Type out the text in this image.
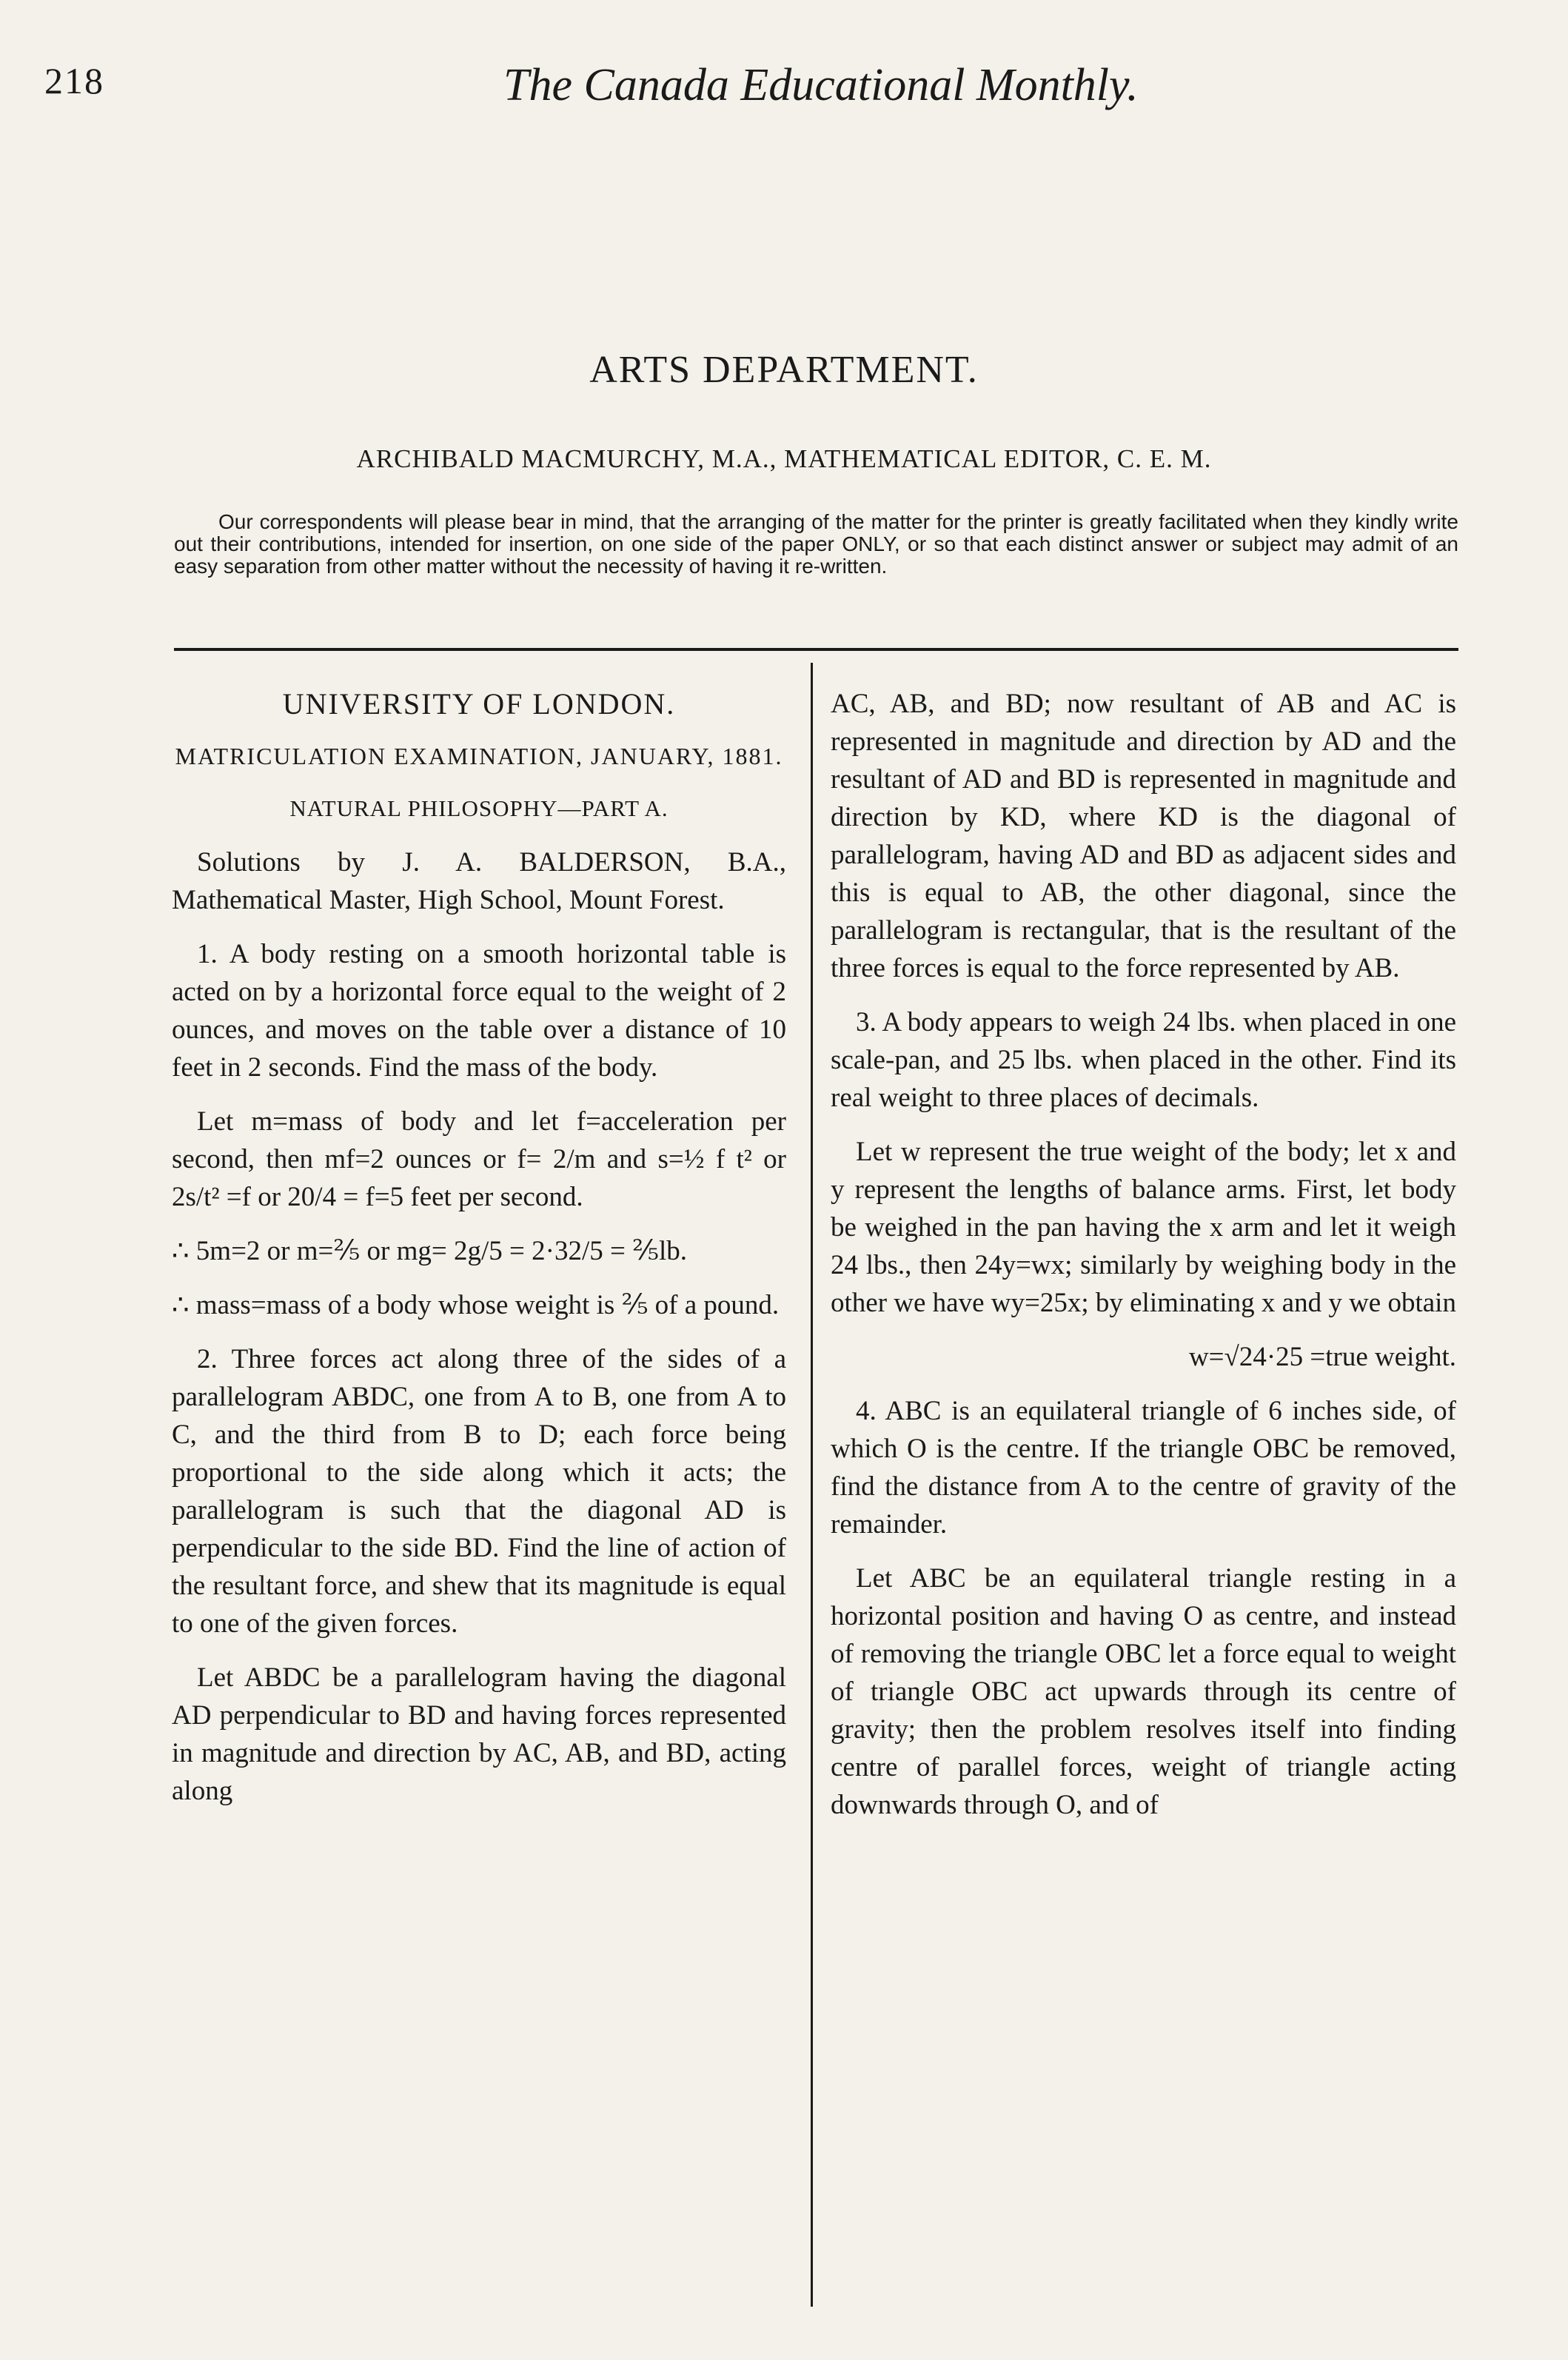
218	The Canada Educational Monthly.
ARTS DEPARTMENT.
ARCHIBALD MACMURCHY, M.A., MATHEMATICAL EDITOR, C. E. M.
Our correspondents will please bear in mind, that the arranging of the matter for the printer is greatly facilitated when they kindly write out their contributions, intended for insertion, on one side of the paper ONLY, or so that each distinct answer or subject may admit of an easy separation from other matter without the necessity of having it re-written.

UNIVERSITY OF LONDON.

MATRICULATION EXAMINATION, JANUARY, 1881.

NATURAL PHILOSOPHY—PART A.

Solutions by J. A. BALDERSON, B.A., Mathematical Master, High School, Mount Forest.

1. A body resting on a smooth horizontal table is acted on by a horizontal force equal to the weight of 2 ounces, and moves on the table over a distance of 10 feet in 2 seconds. Find the mass of the body.

Let m=mass of body and let f=acceleration per second, then mf=2 ounces or f= 2/m and s=½ f t² or 2s/t² =f or 20/4 = f=5 feet per second.

∴ 5m=2 or m=⅖ or mg= 2g/5 = 2·32/5 = ⅖lb.

∴ mass=mass of a body whose weight is ⅖ of a pound.

2. Three forces act along three of the sides of a parallelogram ABDC, one from A to B, one from A to C, and the third from B to D; each force being proportional to the side along which it acts; the parallelogram is such that the diagonal AD is perpendicular to the side BD. Find the line of action of the resultant force, and shew that its magnitude is equal to one of the given forces.

Let ABDC be a parallelogram having the diagonal AD perpendicular to BD and having forces represented in magnitude and direction by AC, AB, and BD, acting along

AC, AB, and BD; now resultant of AB and AC is represented in magnitude and direction by AD and the resultant of AD and BD is represented in magnitude and direction by KD, where KD is the diagonal of parallelogram, having AD and BD as adjacent sides and this is equal to AB, the other diagonal, since the parallelogram is rectangular, that is the resultant of the three forces is equal to the force represented by AB.

3. A body appears to weigh 24 lbs. when placed in one scale-pan, and 25 lbs. when placed in the other. Find its real weight to three places of decimals.

Let w represent the true weight of the body; let x and y represent the lengths of balance arms. First, let body be weighed in the pan having the x arm and let it weigh 24 lbs., then 24y=wx; similarly by weighing body in the other we have wy=25x; by eliminating x and y we obtain

w=√24·25 =true weight.

4. ABC is an equilateral triangle of 6 inches side, of which O is the centre. If the triangle OBC be removed, find the distance from A to the centre of gravity of the remainder.

Let ABC be an equilateral triangle resting in a horizontal position and having O as centre, and instead of removing the triangle OBC let a force equal to weight of triangle OBC act upwards through its centre of gravity; then the problem resolves itself into finding centre of parallel forces, weight of triangle acting downwards through O, and of
